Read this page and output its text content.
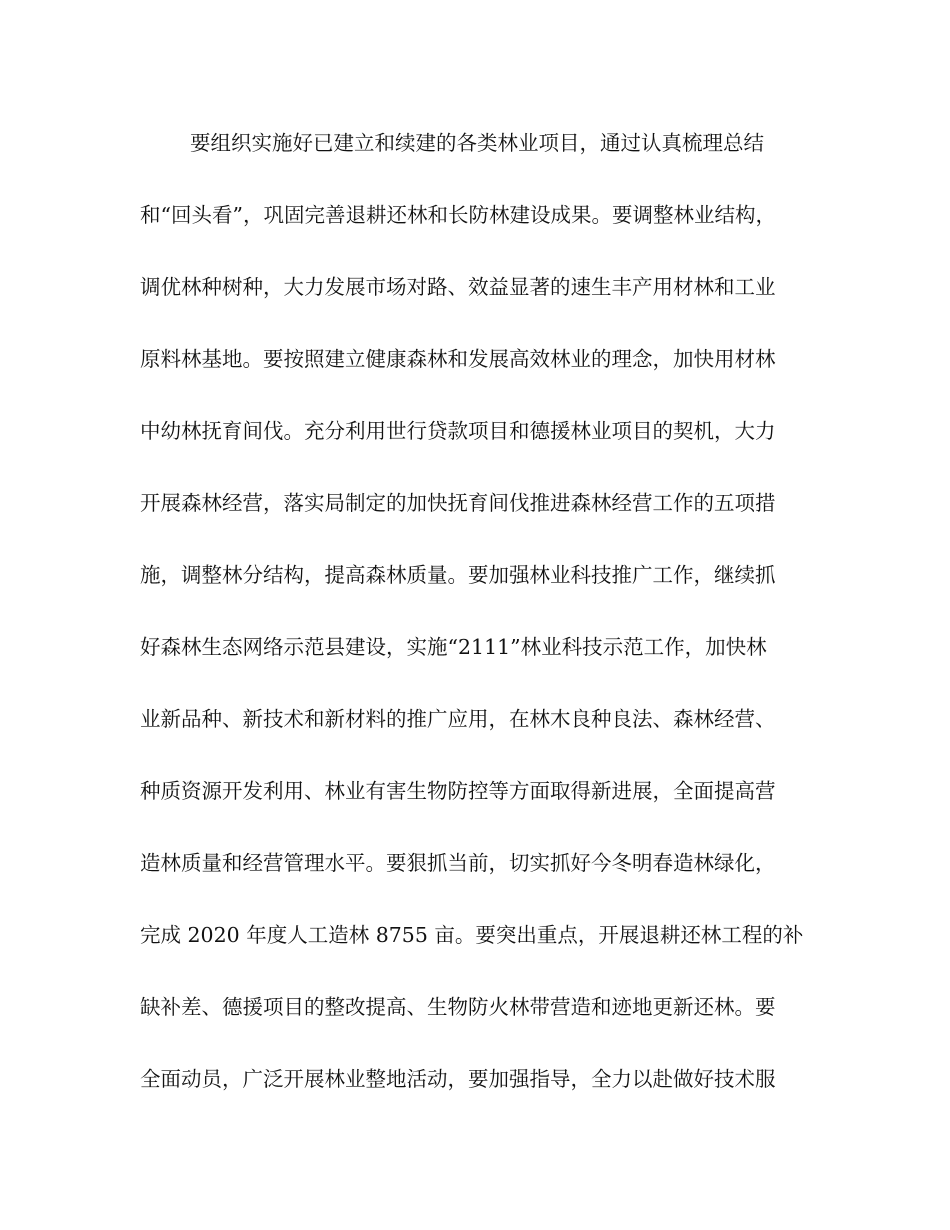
要组织实施好已建立和续建的各类林业项目，通过认真梳理总结
和“回头看”，巩固完善退耕还林和长防林建设成果。要调整林业结构，
调优林种树种，大力发展市场对路、效益显著的速生丰产用材林和工业
原料林基地。要按照建立健康森林和发展高效林业的理念，加快用材林
中幼林抚育间伐。充分利用世行贷款项目和德援林业项目的契机，大力
开展森林经营，落实局制定的加快抚育间伐推进森林经营工作的五项措
施，调整林分结构，提高森林质量。要加强林业科技推广工作，继续抓
好森林生态网络示范县建设，实施“2111”林业科技示范工作，加快林
业新品种、新技术和新材料的推广应用，在林木良种良法、森林经营、
种质资源开发利用、林业有害生物防控等方面取得新进展，全面提高营
造林质量和经营管理水平。要狠抓当前，切实抓好今冬明春造林绿化，
完成 2020 年度人工造林 8755 亩。要突出重点，开展退耕还林工程的补
缺补差、德援项目的整改提高、生物防火林带营造和迹地更新还林。要
全面动员，广泛开展林业整地活动，要加强指导，全力以赴做好技术服
